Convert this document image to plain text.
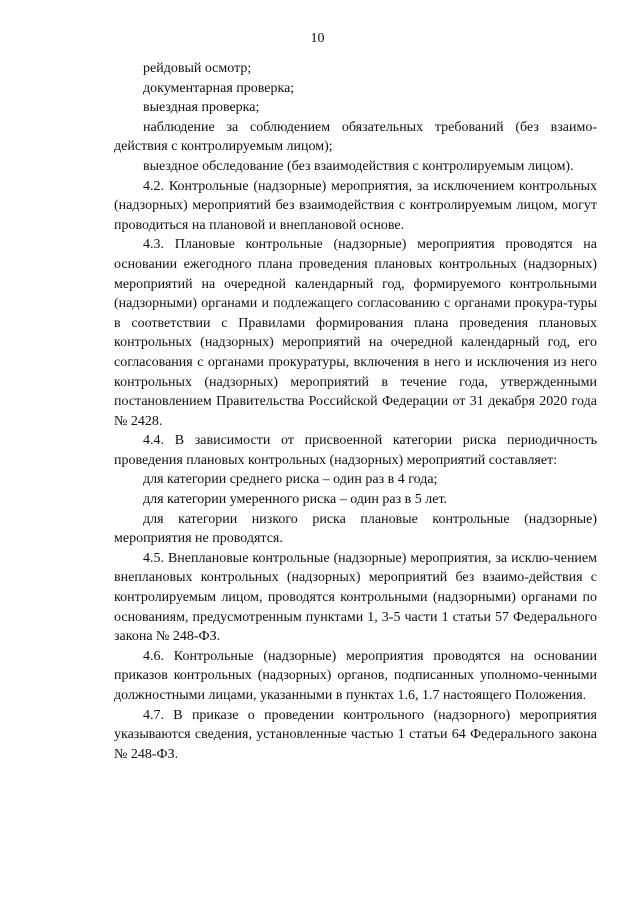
10

рейдовый осмотр;

документарная проверка;

выездная проверка;

наблюдение за соблюдением обязательных требований (без взаимо-действия с контролируемым лицом);

выездное обследование (без взаимодействия с контролируемым лицом).

4.2. Контрольные (надзорные) мероприятия, за исключением контрольных (надзорных) мероприятий без взаимодействия с контролируемым лицом, могут проводиться на плановой и внеплановой основе.

4.3. Плановые контрольные (надзорные) мероприятия проводятся на основании ежегодного плана проведения плановых контрольных (надзорных) мероприятий на очередной календарный год, формируемого контрольными (надзорными) органами и подлежащего согласованию с органами прокура-туры в соответствии с Правилами формирования плана проведения плановых контрольных (надзорных) мероприятий на очередной календарный год, его согласования с органами прокуратуры, включения в него и исключения из него контрольных (надзорных) мероприятий в течение года, утвержденными постановлением Правительства Российской Федерации от 31 декабря 2020 года № 2428.

4.4. В зависимости от присвоенной категории риска периодичность проведения плановых контрольных (надзорных) мероприятий составляет:

для категории среднего риска – один раз в 4 года;

для категории умеренного риска – один раз в 5 лет.

для категории низкого риска плановые контрольные (надзорные) мероприятия не проводятся.

4.5. Внеплановые контрольные (надзорные) мероприятия, за исклю-чением внеплановых контрольных (надзорных) мероприятий без взаимо-действия с контролируемым лицом, проводятся контрольными (надзорными) органами по основаниям, предусмотренным пунктами 1, 3-5 части 1 статьи 57 Федерального закона № 248-ФЗ.

4.6. Контрольные (надзорные) мероприятия проводятся на основании приказов контрольных (надзорных) органов, подписанных уполномо-ченными должностными лицами, указанными в пунктах 1.6, 1.7 настоящего Положения.

4.7. В приказе о проведении контрольного (надзорного) мероприятия указываются сведения, установленные частью 1 статьи 64 Федерального закона № 248-ФЗ.
